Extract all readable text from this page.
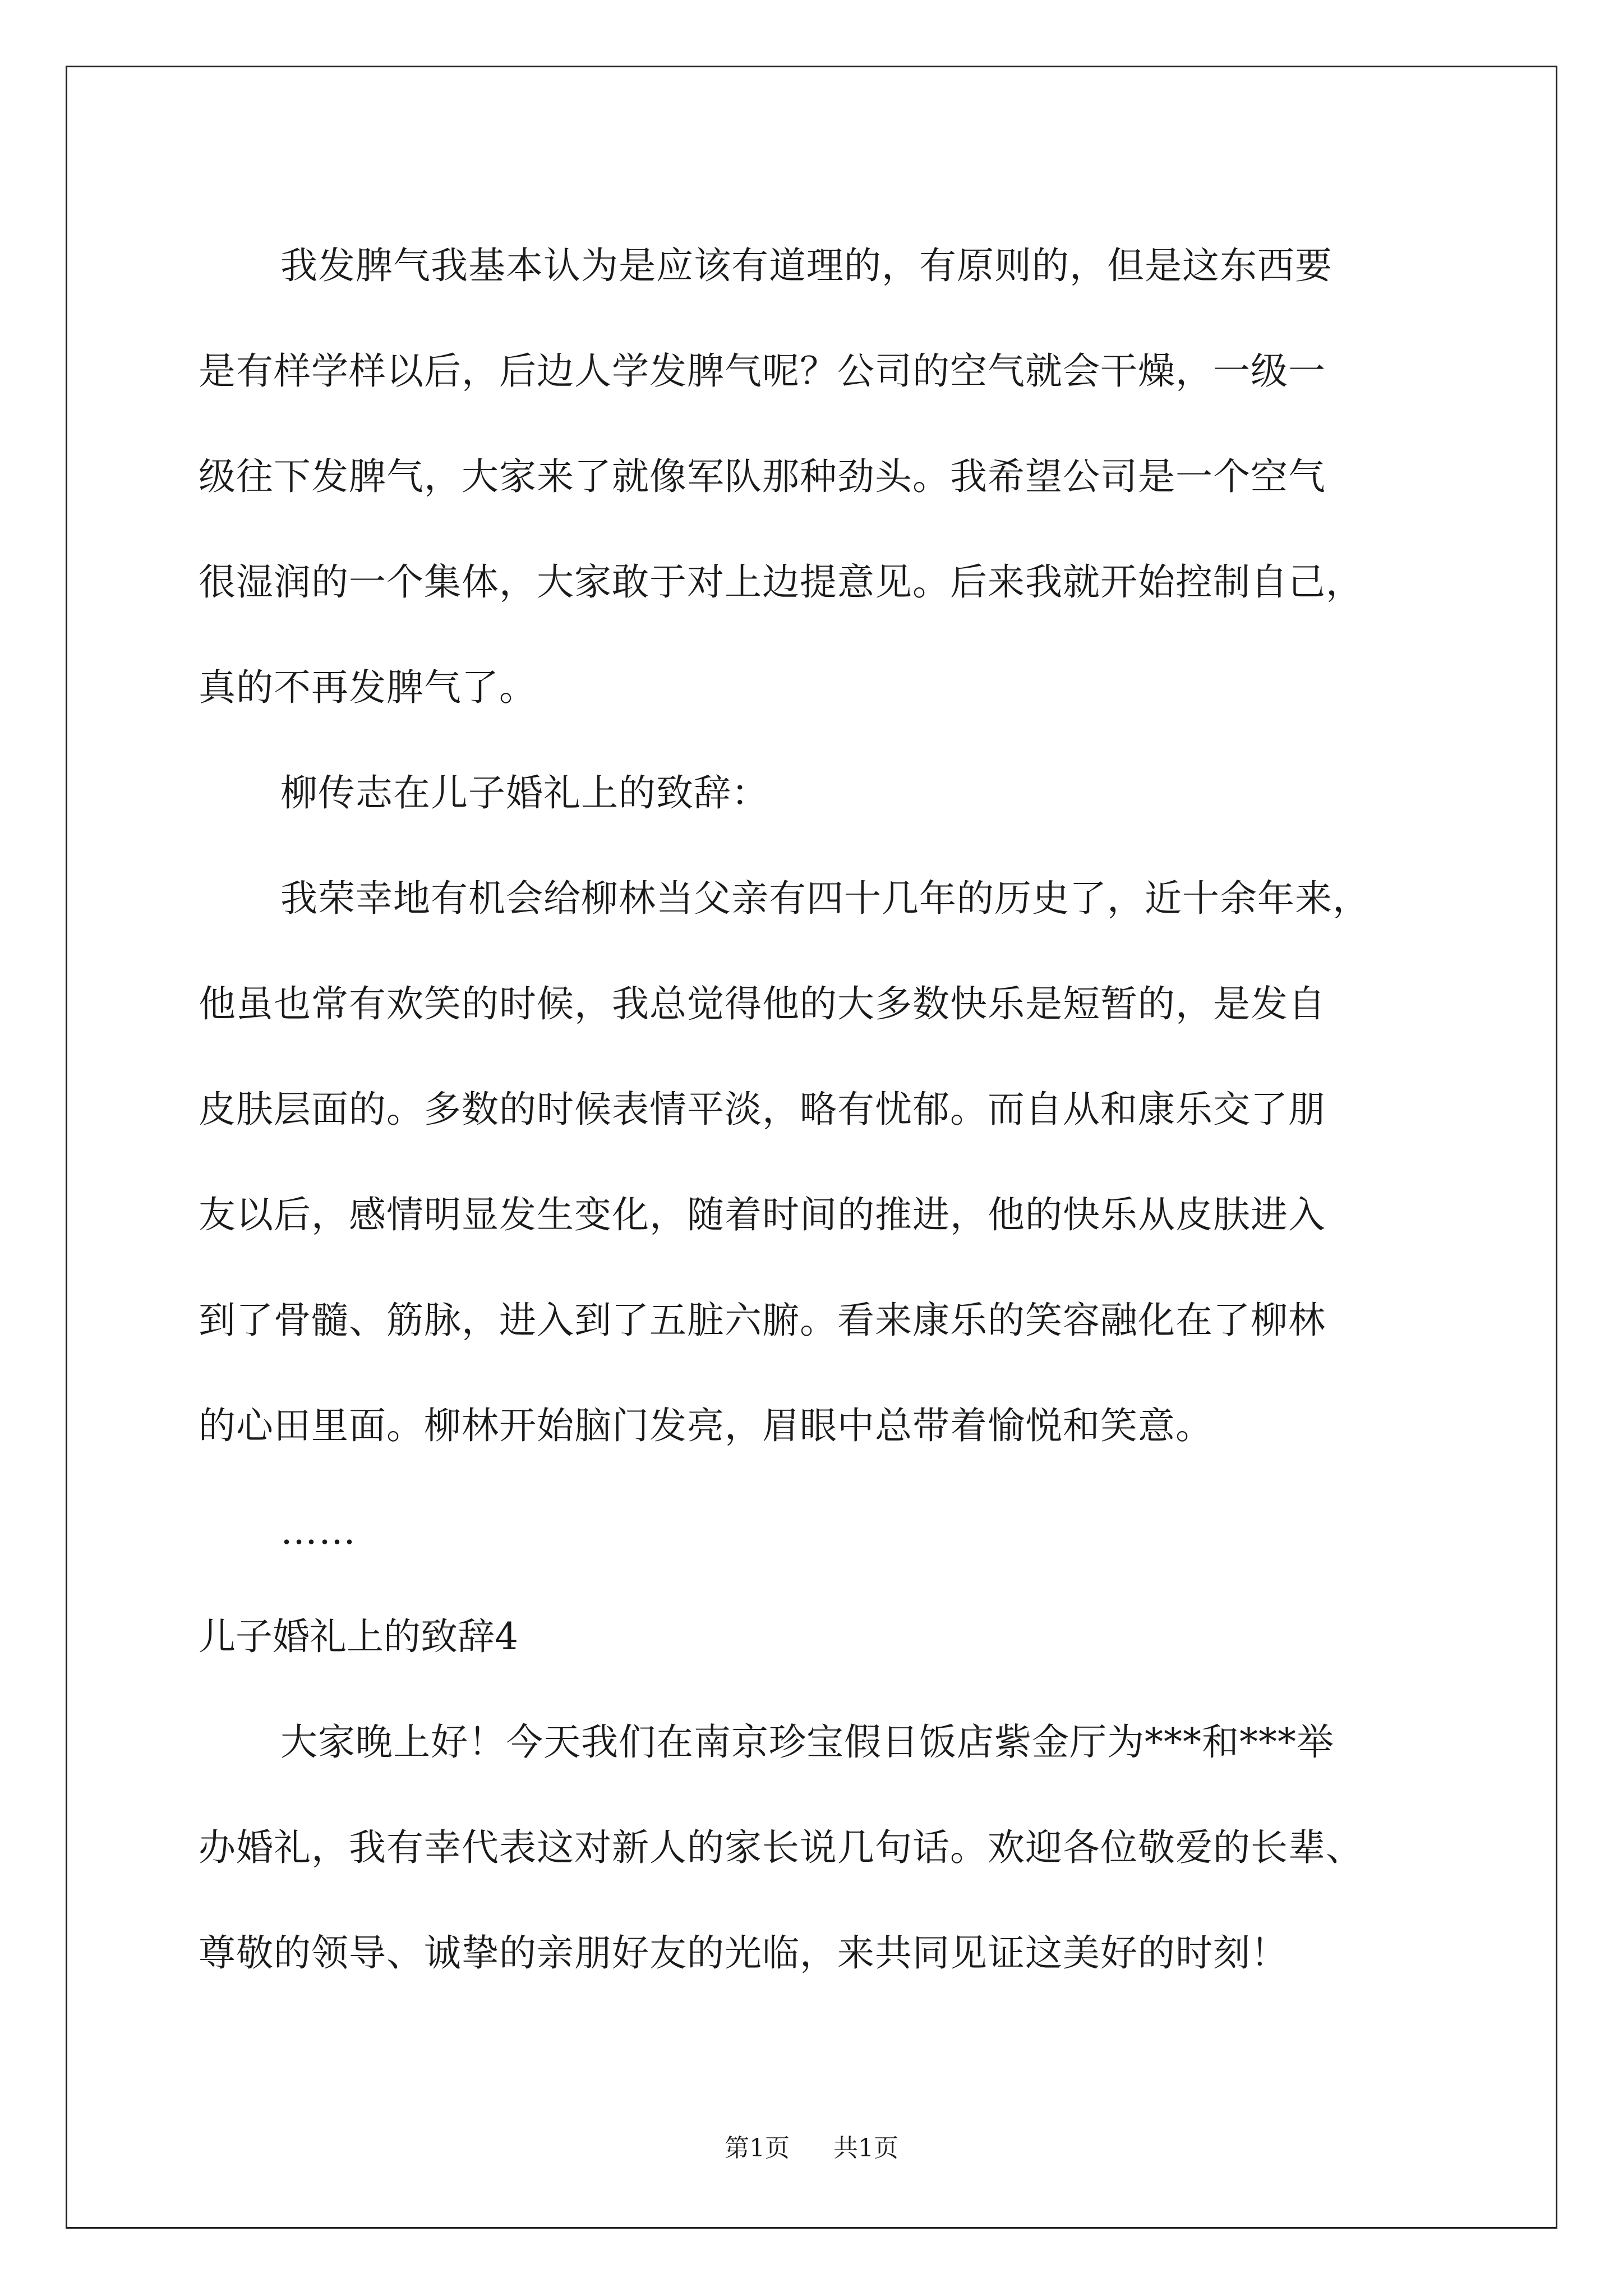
我发脾气我基本认为是应该有道理的，有原则的，但是这东西要
是有样学样以后，后边人学发脾气呢？公司的空气就会干燥，一级一
级往下发脾气，大家来了就像军队那种劲头。我希望公司是一个空气
很湿润的一个集体，大家敢于对上边提意见。后来我就开始控制自己，
真的不再发脾气了。

柳传志在儿子婚礼上的致辞：

我荣幸地有机会给柳林当父亲有四十几年的历史了，近十余年来，
他虽也常有欢笑的时候，我总觉得他的大多数快乐是短暂的，是发自
皮肤层面的。多数的时候表情平淡，略有忧郁。而自从和康乐交了朋
友以后，感情明显发生变化，随着时间的推进，他的快乐从皮肤进入
到了骨髓、筋脉，进入到了五脏六腑。看来康乐的笑容融化在了柳林
的心田里面。柳林开始脑门发亮，眉眼中总带着愉悦和笑意。

……

儿子婚礼上的致辞4

大家晚上好！今天我们在南京珍宝假日饭店紫金厅为***和***举
办婚礼，我有幸代表这对新人的家长说几句话。欢迎各位敬爱的长辈、
尊敬的领导、诚挚的亲朋好友的光临，来共同见证这美好的时刻！

第1页 共1页
